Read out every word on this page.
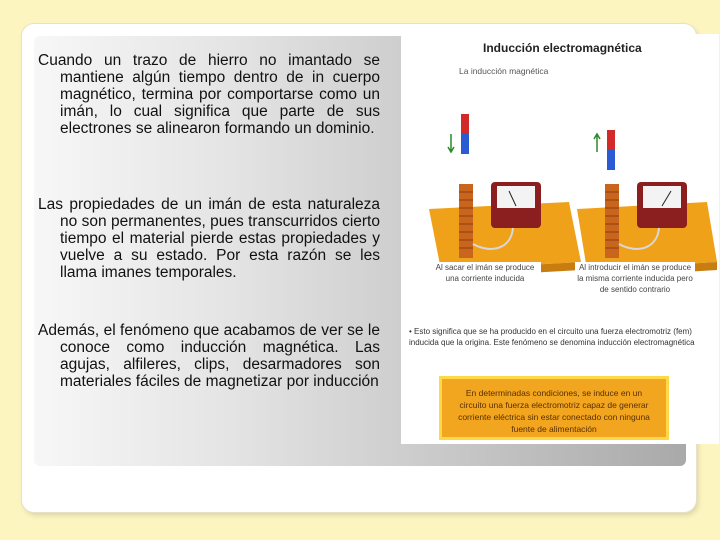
Cuando un trazo de hierro no imantado se mantiene algún tiempo dentro de in cuerpo magnético, termina por comportarse como un imán, lo cual significa que parte de sus electrones se alinearon formando un dominio.

Las propiedades de un imán de esta naturaleza no son permanentes, pues transcurridos cierto tiempo el material pierde estas propiedades y vuelve a su estado. Por esta razón se les llama imanes temporales.

Además, el fenómeno que acabamos de ver se le conoce como inducción magnética. Las agujas, alfileres, clips, desarmadores son materiales fáciles de magnetizar por inducción

Inducción electromagnética
La inducción magnética
Al sacar el imán se produce una corriente inducida
Al introducir el imán se produce la misma corriente inducida pero de sentido contrario
• Esto significa que se ha producido en el circuito una fuerza electromotriz (fem) inducida que la origina. Este fenómeno se denomina inducción electromagnética
En determinadas condiciones, se induce en un circuito una fuerza electromotriz capaz de generar corriente eléctrica sin estar conectado con ninguna fuente de alimentación
